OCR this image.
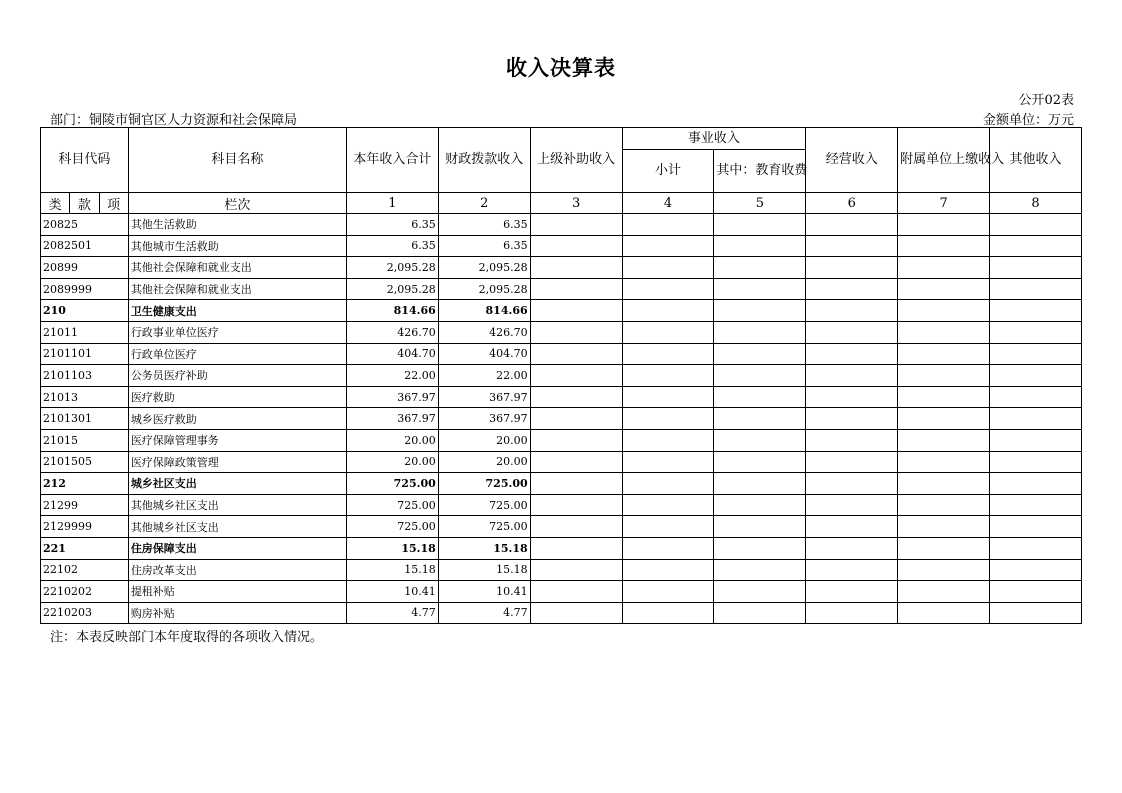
收入决算表
公开02表
部门：铜陵市铜官区人力资源和社会保障局	金额单位：万元
科目代码			科目名称	本年收入合计	财政拨款收入	上级补助收入	事业收入		经营收入	附属单位上缴收入	其他收入
							小计	其中：教育收费			
类	款	项	栏次	1	2	3	4	5	6	7	8
20825			其他生活救助	6.35	6.35						
2082501			其他城市生活救助	6.35	6.35						
20899			其他社会保障和就业支出	2,095.28	2,095.28						
2089999			其他社会保障和就业支出	2,095.28	2,095.28						
210			卫生健康支出	814.66	814.66						
21011			行政事业单位医疗	426.70	426.70						
2101101			行政单位医疗	404.70	404.70						
2101103			公务员医疗补助	22.00	22.00						
21013			医疗救助	367.97	367.97						
2101301			城乡医疗救助	367.97	367.97						
21015			医疗保障管理事务	20.00	20.00						
2101505			医疗保障政策管理	20.00	20.00						
212			城乡社区支出	725.00	725.00						
21299			其他城乡社区支出	725.00	725.00						
2129999			其他城乡社区支出	725.00	725.00						
221			住房保障支出	15.18	15.18						
22102			住房改革支出	15.18	15.18						
2210202			提租补贴	10.41	10.41						
2210203			购房补贴	4.77	4.77						
注：本表反映部门本年度取得的各项收入情况。
